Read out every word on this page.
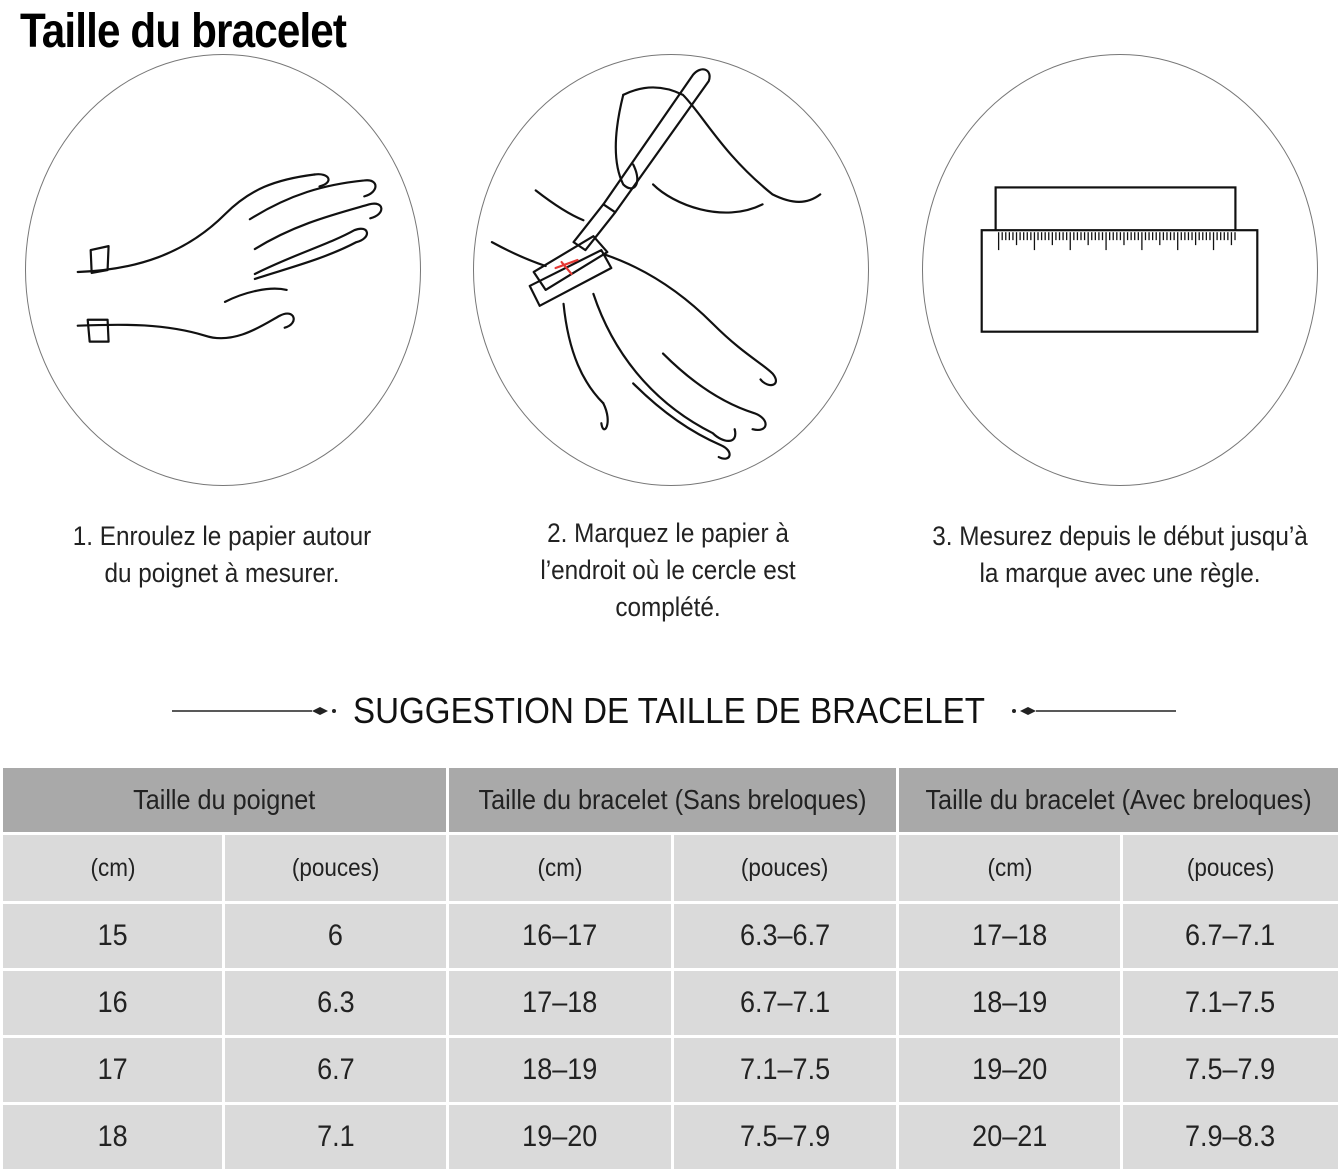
Taille du bracelet
1. Enroulez le papier autour
du poignet à mesurer.
2. Marquez le papier à
l’endroit où le cercle est
complété.
3. Mesurez depuis le début jusqu’à
la marque avec une règle.
SUGGESTION DE TAILLE DE BRACELET
Taille du poignet		Taille du bracelet (Sans breloques)		Taille du bracelet (Avec breloques)	
(cm)	(pouces)	(cm)	(pouces)	(cm)	(pouces)
15	6	16–17	6.3–6.7	17–18	6.7–7.1
16	6.3	17–18	6.7–7.1	18–19	7.1–7.5
17	6.7	18–19	7.1–7.5	19–20	7.5–7.9
18	7.1	19–20	7.5–7.9	20–21	7.9–8.3
